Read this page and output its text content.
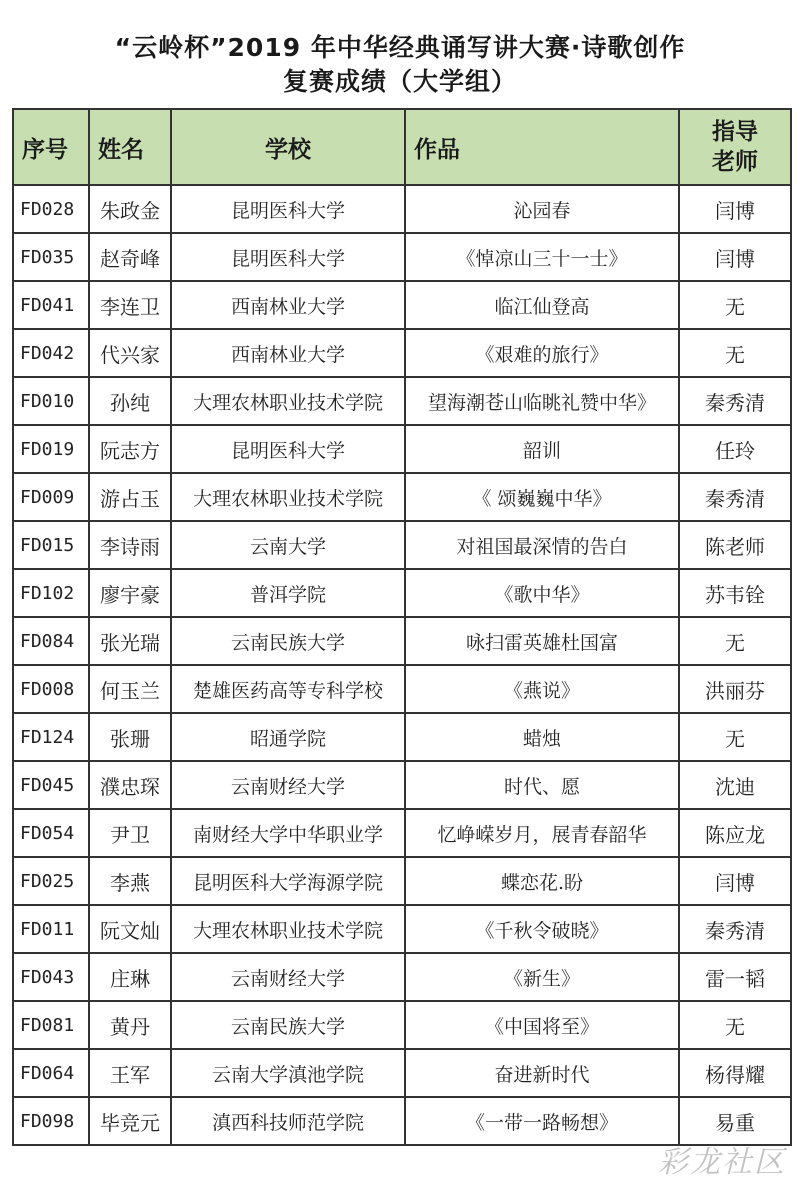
“云岭杯”2019 年中华经典诵写讲大赛·诗歌创作
复赛成绩（大学组）
序号	姓名	学校	作品	指导
老师

FD028	朱政金	昆明医科大学	沁园春	闫博
FD035	赵奇峰	昆明医科大学	《悼凉山三十一士》	闫博
FD041	李连卫	西南林业大学	临江仙登高	无
FD042	代兴家	西南林业大学	《艰难的旅行》	无
FD010	孙纯	大理农林职业技术学院	望海潮苍山临眺礼赞中华》	秦秀清
FD019	阮志方	昆明医科大学	韶训	任玲
FD009	游占玉	大理农林职业技术学院	《 颂巍巍中华》	秦秀清
FD015	李诗雨	云南大学	对祖国最深情的告白	陈老师
FD102	廖宇豪	普洱学院	《歌中华》	苏韦铨
FD084	张光瑞	云南民族大学	咏扫雷英雄杜国富	无
FD008	何玉兰	楚雄医药高等专科学校	《燕说》	洪丽芬
FD124	张珊	昭通学院	蜡烛	无
FD045	濮忠琛	云南财经大学	时代、愿	沈迪
FD054	尹卫	南财经大学中华职业学	忆峥嵘岁月，展青春韶华	陈应龙
FD025	李燕	昆明医科大学海源学院	蝶恋花.盼	闫博
FD011	阮文灿	大理农林职业技术学院	《千秋令破晓》	秦秀清
FD043	庄琳	云南财经大学	《新生》	雷一韬
FD081	黄丹	云南民族大学	《中国将至》	无
FD064	王军	云南大学滇池学院	奋进新时代	杨得耀
FD098	毕竞元	滇西科技师范学院	《一带一路畅想》	易重
彩龙社区
